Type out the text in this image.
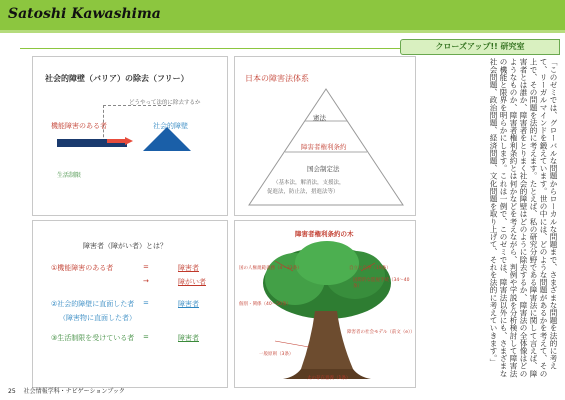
Satoshi Kawashima
クローズアップ!! 研究室
社会的障壁（バリア）の除去（フリー）
どうやって法的に除去するか
機能障害のある者	社会的障壁
生活制限
日本の障害法体系
憲法
障害者権利条約
国会制定法
（基本法，解消法，支援法，
促進法，防止法，措進法等）
障害者（障がい者）とは？
①機能障害のある者	=	障害者
→	障がい者
②社会的障壁に直面した者 =	障害者
（障害物に直面した者）
③生活制限を受けている者 =	障害者
障害者権利条約の木
国の人権規範義務（4〜33条）	自立と自律（19条）
国際的な監視手続（34〜40条）
個別・関係（40〜50条）
障害者の社会モデル（前文（e））
一般原則（3条）
太の存在意義（1条）
「このゼミでは、グローバルな問題からローカルな問題まで、さまざまな問題を法的に考えて、リーガルマインドを鍛えています。世の中には、どのような問題があるかを考えて、その上で、その問題を法的に考えます。たとえば、私の研究分野である障害法に関して言えば、障害者とは誰か、障害者をとりまく社会的障壁はどのように除去するか、障害法の全体像はどのようなものか、障害者権利条約とは何かなどを考えながら、判例や学説を分析検討して障害法の機能と限界を明らかにします。これは一例で、このゼミでは、障害法以外にも、さまざまな社会問題、政治問題、経済問題、文化問題を取り上げて、それを法的に考えていきます。」
25 社会情報学科・ナビゲーションブック
